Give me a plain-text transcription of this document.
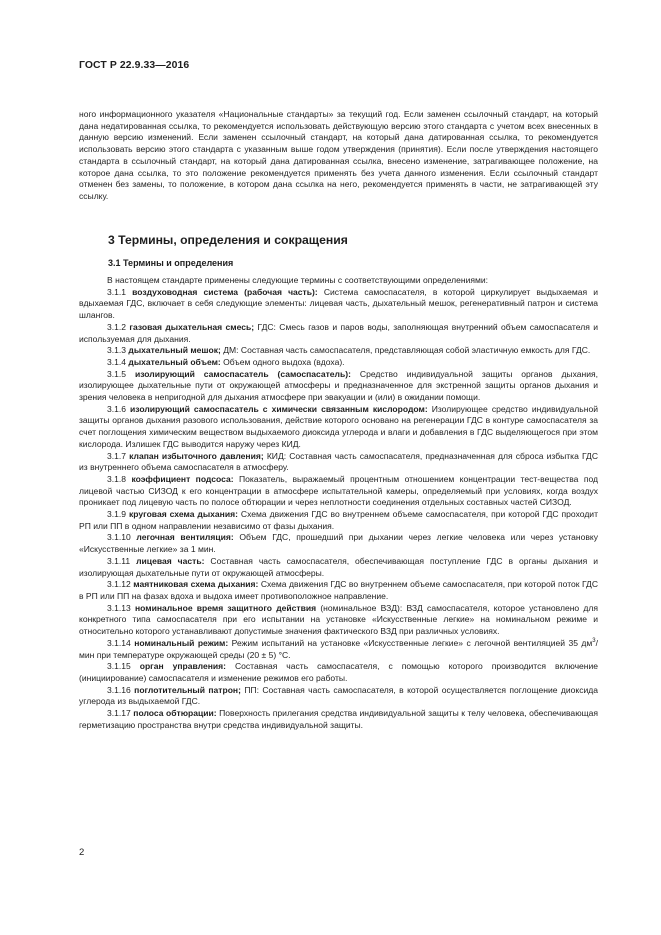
ГОСТ Р 22.9.33—2016

ного информационного указателя «Национальные стандарты» за текущий год. Если заменен ссылочный стандарт, на который дана недатированная ссылка, то рекомендуется использовать действующую версию этого стандарта с учетом всех внесенных в данную версию изменений. Если заменен ссылочный стандарт, на который дана датированная ссылка, то рекомендуется использовать версию этого стандарта с указанным выше годом утверждения (принятия). Если после утверждения настоящего стандарта в ссылочный стандарт, на который дана датированная ссылка, внесено изменение, затрагивающее положение, на которое дана ссылка, то это положение рекомендуется применять без учета данного изменения. Если ссылочный стандарт отменен без замены, то положение, в котором дана ссылка на него, рекомендуется применять в части, не затрагивающей эту ссылку.

3 Термины, определения и сокращения
3.1 Термины и определения

В настоящем стандарте применены следующие термины с соответствующими определениями:

3.1.1 воздуховодная система (рабочая часть): Система самоспасателя, в которой циркулирует выдыхаемая и вдыхаемая ГДС, включает в себя следующие элементы: лицевая часть, дыхательный мешок, регенеративный патрон и система шлангов.

3.1.2 газовая дыхательная смесь; ГДС: Смесь газов и паров воды, заполняющая внутренний объем самоспасателя и используемая для дыхания.

3.1.3 дыхательный мешок; ДМ: Составная часть самоспасателя, представляющая собой эластичную емкость для ГДС.

3.1.4 дыхательный объем: Объем одного выдоха (вдоха).

3.1.5 изолирующий самоспасатель (самоспасатель): Средство индивидуальной защиты органов дыхания, изолирующее дыхательные пути от окружающей атмосферы и предназначенное для экстренной защиты органов дыхания и зрения человека в непригодной для дыхания атмосфере при эвакуации и (или) в ожидании помощи.

3.1.6 изолирующий самоспасатель с химически связанным кислородом: Изолирующее средство индивидуальной защиты органов дыхания разового использования, действие которого основано на регенерации ГДС в контуре самоспасателя за счет поглощения химическим веществом выдыхаемого диоксида углерода и влаги и добавления в ГДС выделяющегося при этом кислорода. Излишек ГДС выводится наружу через КИД.

3.1.7 клапан избыточного давления; КИД: Составная часть самоспасателя, предназначенная для сброса избытка ГДС из внутреннего объема самоспасателя в атмосферу.

3.1.8 коэффициент подсоса: Показатель, выражаемый процентным отношением концентрации тест-вещества под лицевой частью СИЗОД к его концентрации в атмосфере испытательной камеры, определяемый при условиях, когда воздух проникает под лицевую часть по полосе обтюрации и через неплотности соединения отдельных составных частей СИЗОД.

3.1.9 круговая схема дыхания: Схема движения ГДС во внутреннем объеме самоспасателя, при которой ГДС проходит РП или ПП в одном направлении независимо от фазы дыхания.

3.1.10 легочная вентиляция: Объем ГДС, прошедший при дыхании через легкие человека или через установку «Искусственные легкие» за 1 мин.

3.1.11 лицевая часть: Составная часть самоспасателя, обеспечивающая поступление ГДС в органы дыхания и изолирующая дыхательные пути от окружающей атмосферы.

3.1.12 маятниковая схема дыхания: Схема движения ГДС во внутреннем объеме самоспасателя, при которой поток ГДС в РП или ПП на фазах вдоха и выдоха имеет противоположное направление.

3.1.13 номинальное время защитного действия (номинальное ВЗД): ВЗД самоспасателя, которое установлено для конкретного типа самоспасателя при его испытании на установке «Искусственные легкие» на номинальном режиме и относительно которого устанавливают допустимые значения фактического ВЗД при различных условиях.

3.1.14 номинальный режим: Режим испытаний на установке «Искусственные легкие» с легочной вентиляцией 35 $дм^3$/мин при температуре окружающей среды (20 ± 5) °С.

3.1.15 орган управления: Составная часть самоспасателя, с помощью которого производится включение (инициирование) самоспасателя и изменение режимов его работы.

3.1.16 поглотительный патрон; ПП: Составная часть самоспасателя, в которой осуществляется поглощение диоксида углерода из выдыхаемой ГДС.

3.1.17 полоса обтюрации: Поверхность прилегания средства индивидуальной защиты к телу человека, обеспечивающая герметизацию пространства внутри средства индивидуальной защиты.

2
